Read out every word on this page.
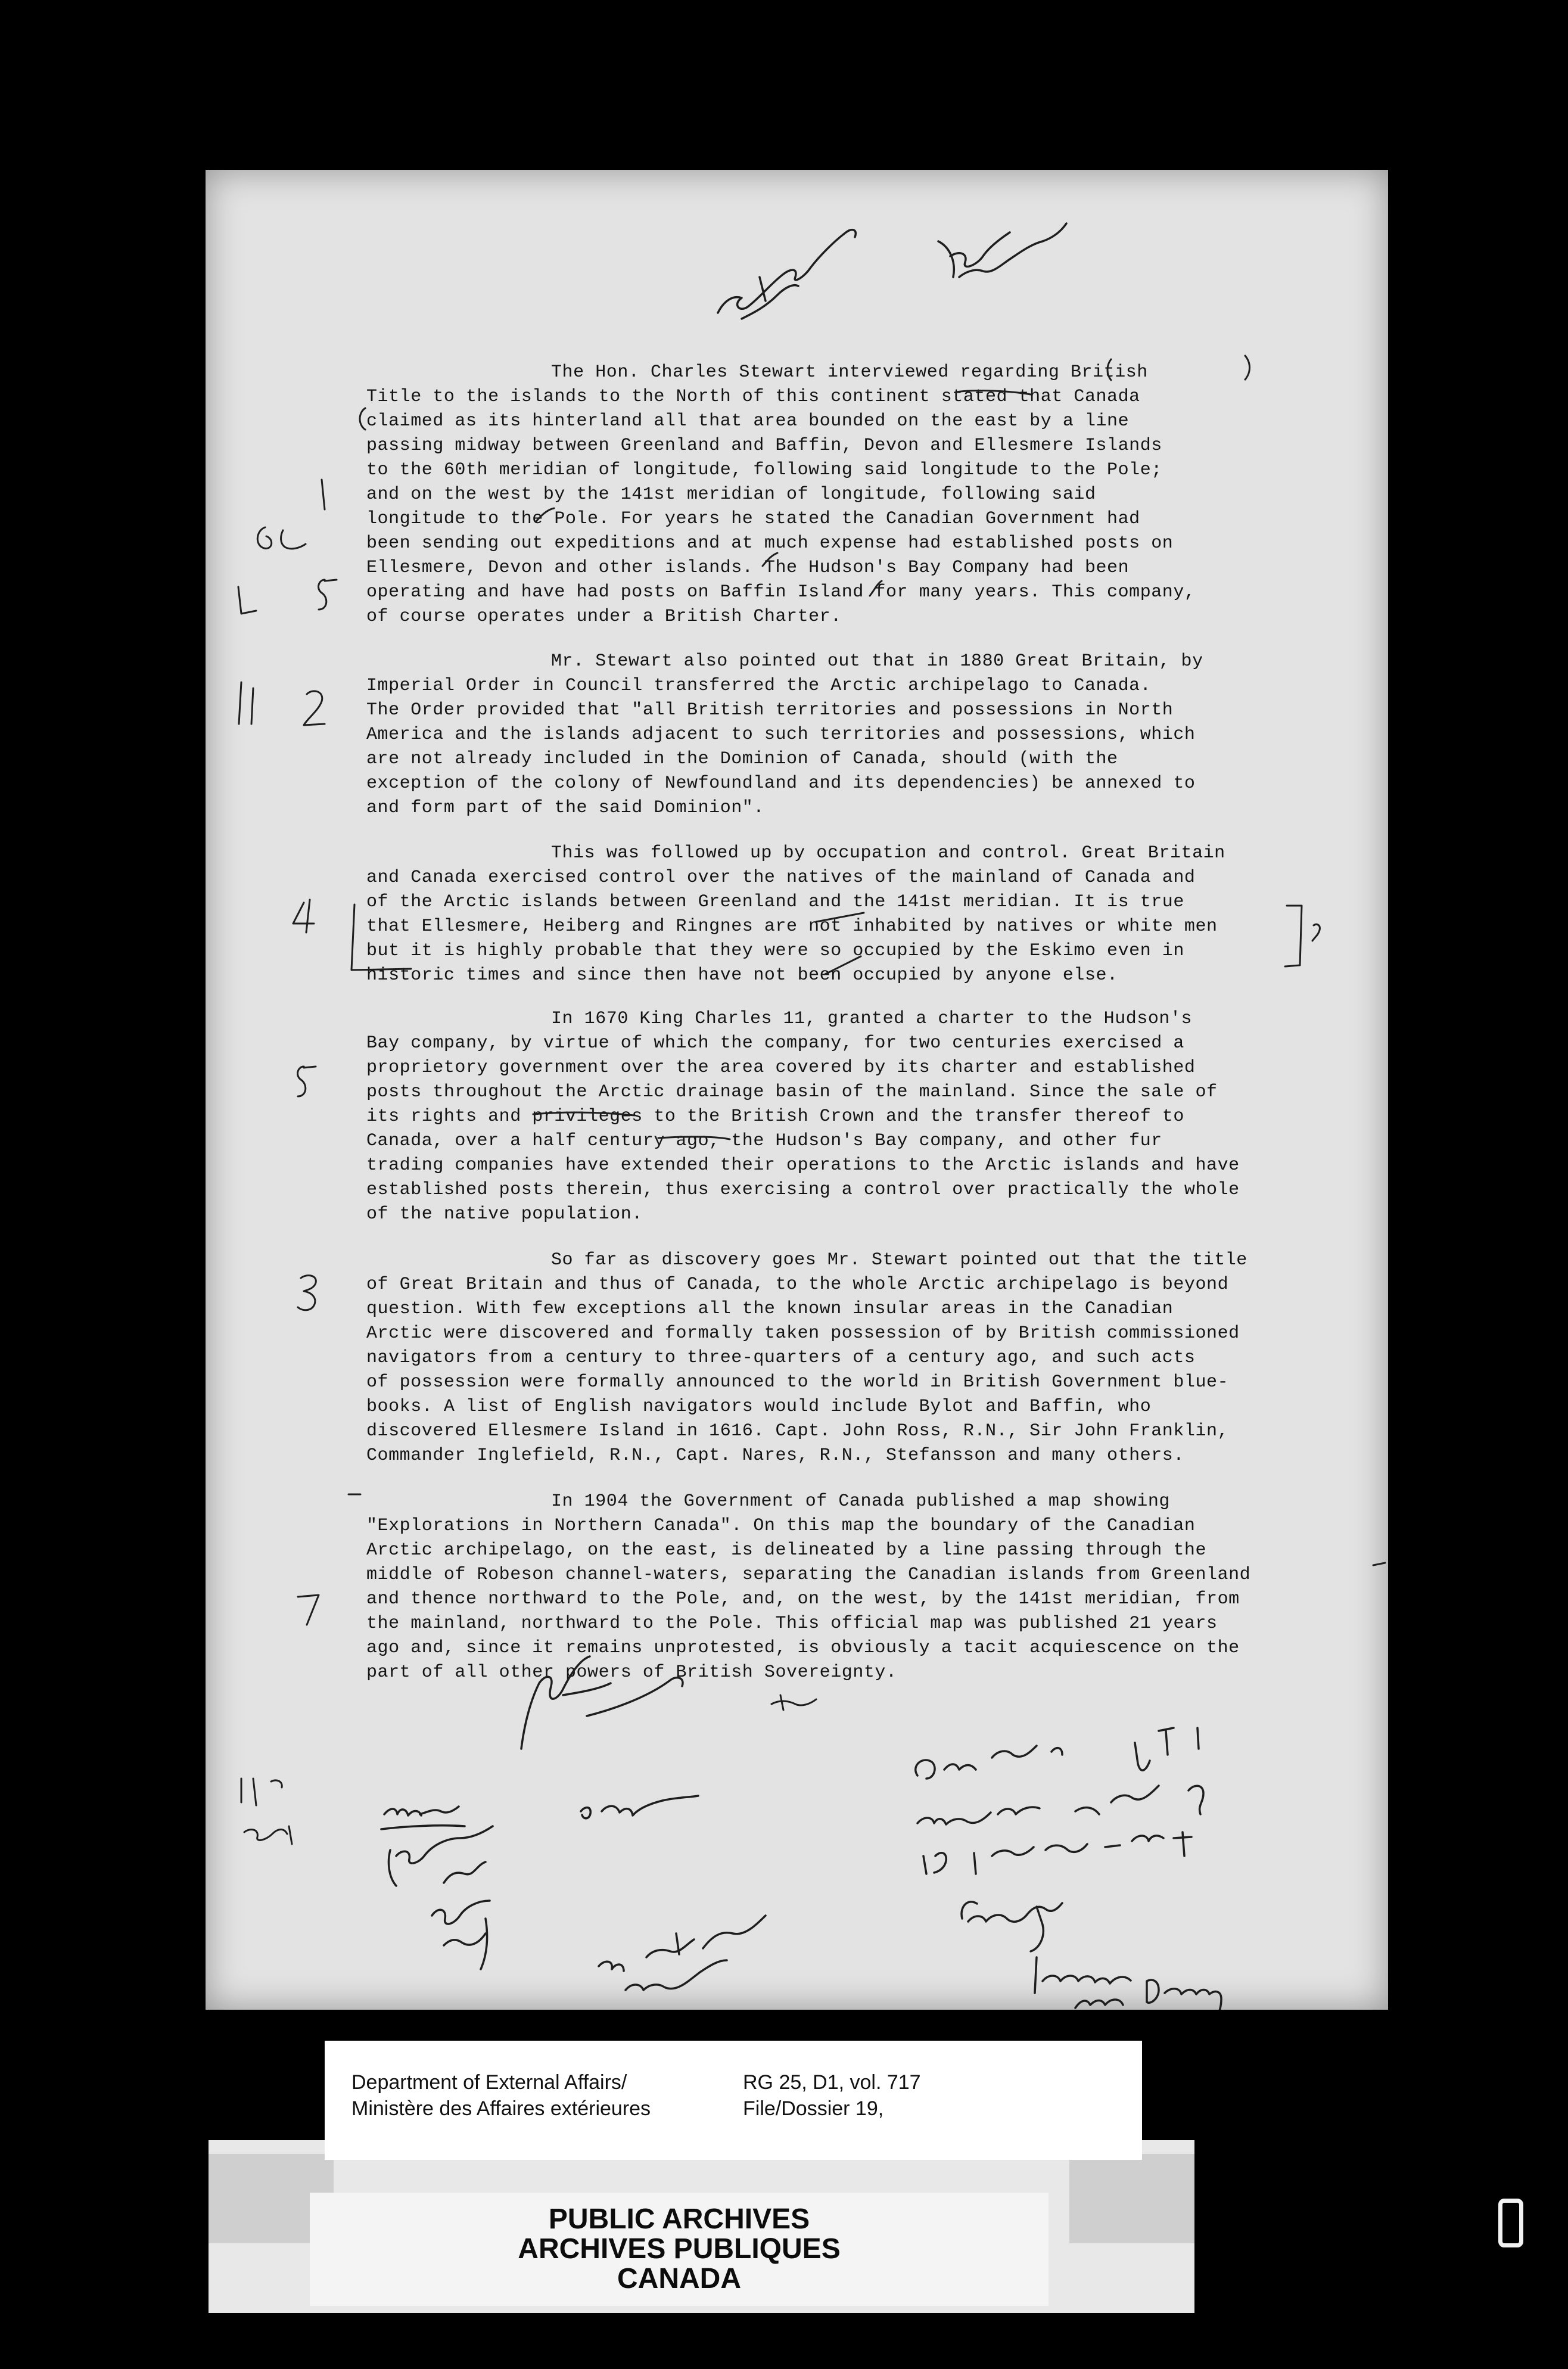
The Hon. Charles Stewart interviewed regarding British
Title to the islands to the North of this continent stated that Canada
claimed as its hinterland all that area bounded on the east by a line
passing midway between Greenland and Baffin, Devon and Ellesmere Islands
to the 60th meridian of longitude, following said longitude to the Pole;
and on the west by the 141st meridian of longitude, following said
longitude to the Pole. For years he stated the Canadian Government had
been sending out expeditions and at much expense had established posts on
Ellesmere, Devon and other islands. The Hudson's Bay Company had been
operating and have had posts on Baffin Island for many years. This company,
of course operates under a British Charter.
Mr. Stewart also pointed out that in 1880 Great Britain, by
Imperial Order in Council transferred the Arctic archipelago to Canada.
The Order provided that "all British territories and possessions in North
America and the islands adjacent to such territories and possessions, which
are not already included in the Dominion of Canada, should (with the
exception of the colony of Newfoundland and its dependencies) be annexed to
and form part of the said Dominion".
This was followed up by occupation and control. Great Britain
and Canada exercised control over the natives of the mainland of Canada and
of the Arctic islands between Greenland and the 141st meridian. It is true
that Ellesmere, Heiberg and Ringnes are not inhabited by natives or white men
but it is highly probable that they were so occupied by the Eskimo even in
historic times and since then have not been occupied by anyone else.
In 1670 King Charles 11, granted a charter to the Hudson's
Bay company, by virtue of which the company, for two centuries exercised a
proprietory government over the area covered by its charter and established
posts throughout the Arctic drainage basin of the mainland. Since the sale of
its rights and privileges to the British Crown and the transfer thereof to
Canada, over a half century ago, the Hudson's Bay company, and other fur
trading companies have extended their operations to the Arctic islands and have
established posts therein, thus exercising a control over practically the whole
of the native population.
So far as discovery goes Mr. Stewart pointed out that the title
of Great Britain and thus of Canada, to the whole Arctic archipelago is beyond
question. With few exceptions all the known insular areas in the Canadian
Arctic were discovered and formally taken possession of by British commissioned
navigators from a century to three-quarters of a century ago, and such acts
of possession were formally announced to the world in British Government blue-
books. A list of English navigators would include Bylot and Baffin, who
discovered Ellesmere Island in 1616. Capt. John Ross, R.N., Sir John Franklin,
Commander Inglefield, R.N., Capt. Nares, R.N., Stefansson and many others.
In 1904 the Government of Canada published a map showing
"Explorations in Northern Canada". On this map the boundary of the Canadian
Arctic archipelago, on the east, is delineated by a line passing through the
middle of Robeson channel-waters, separating the Canadian islands from Greenland
and thence northward to the Pole, and, on the west, by the 141st meridian, from
the mainland, northward to the Pole. This official map was published 21 years
ago and, since it remains unprotested, is obviously a tacit acquiescence on the
part of all other powers of British Sovereignty.
Department of External Affairs/
Ministère des Affaires extérieures
RG 25, D1, vol. 717
File/Dossier 19,
PUBLIC ARCHIVES
ARCHIVES PUBLIQUES
CANADA
